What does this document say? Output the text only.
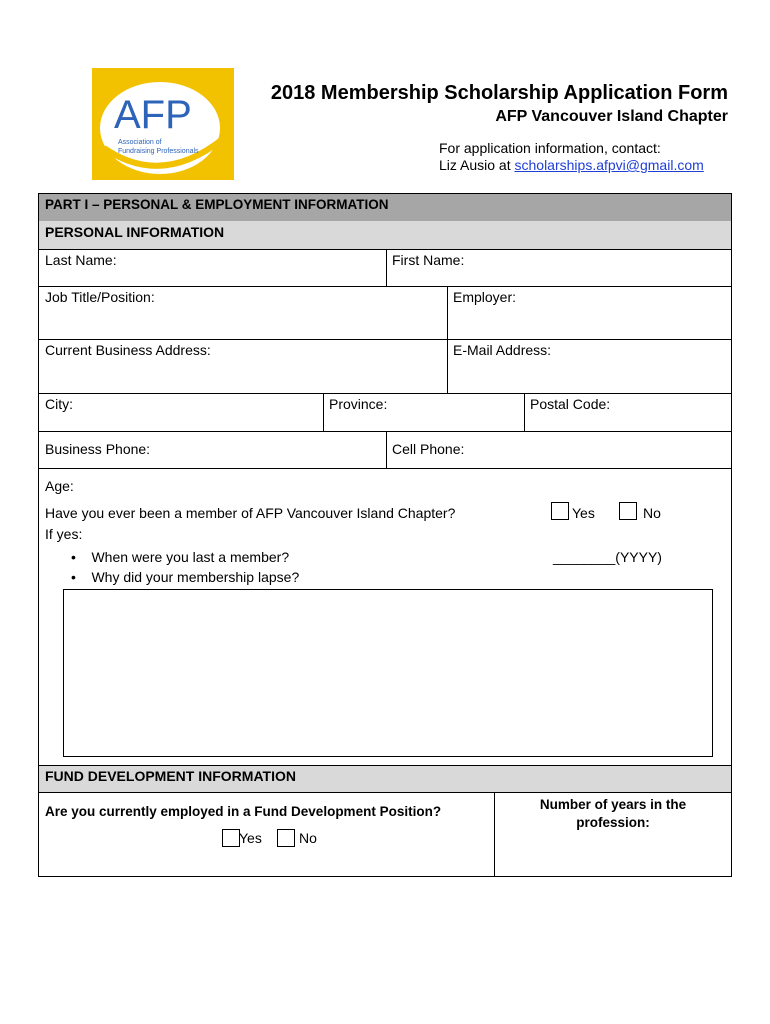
AFP
Association of
Fundraising Professionals
2018 Membership Scholarship Application Form
AFP Vancouver Island Chapter
For application information, contact:
Liz Ausio at scholarships.afpvi@gmail.com
PART I – PERSONAL & EMPLOYMENT INFORMATION
PERSONAL INFORMATION
Last Name:	First Name:
Job Title/Position:	Employer:
Current Business Address:	E-Mail Address:
City:	Province:	Postal Code:
Business Phone:	Cell Phone:
Age:
Have you ever been a member of AFP Vancouver Island Chapter?	Yes	No
If yes:
•    When were you last a member?	________(YYYY)
•    Why did your membership lapse?
FUND DEVELOPMENT INFORMATION
Are you currently employed in a Fund Development Position?
Yes	No
Number of years in the
profession:
